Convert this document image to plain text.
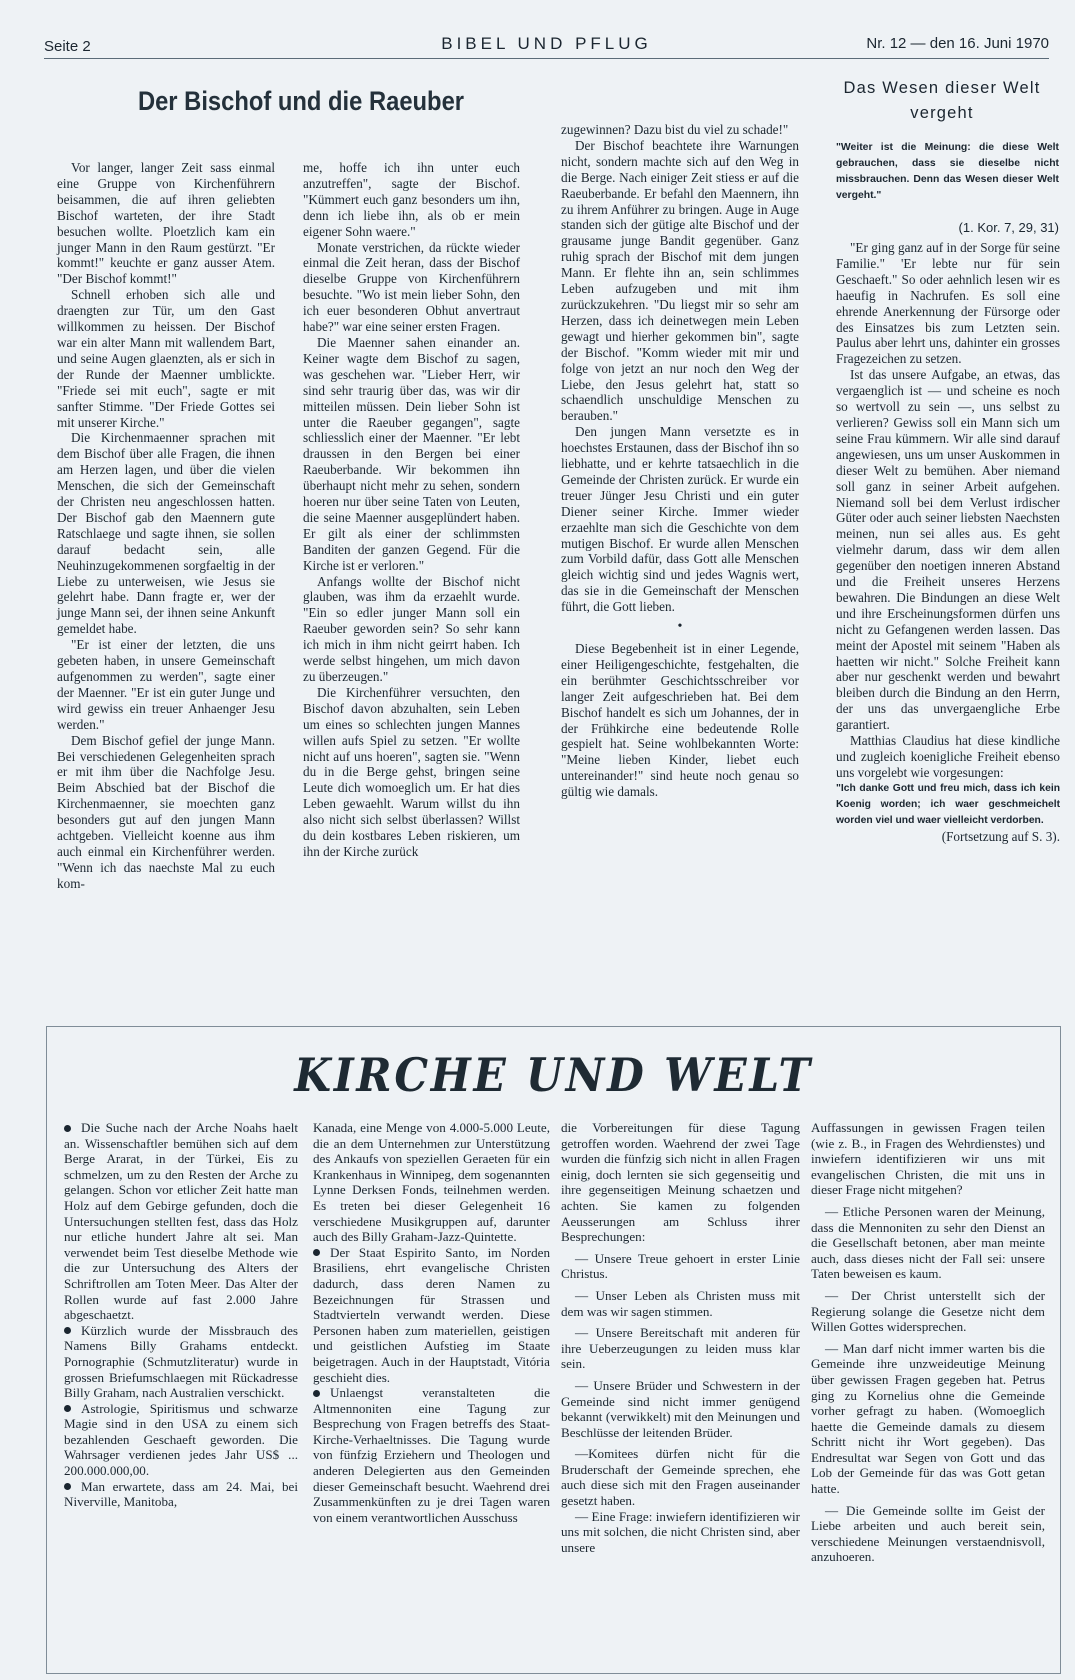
Seite 2	BIBEL UND PFLUG	Nr. 12 — den 16. Juni 1970
Der Bischof und die Raeuber

Vor langer, langer Zeit sass einmal eine Gruppe von Kirchenführern beisammen, die auf ihren geliebten Bischof warteten, der ihre Stadt besuchen wollte. Ploetzlich kam ein junger Mann in den Raum gestürzt. "Er kommt!" keuchte er ganz ausser Atem. "Der Bischof kommt!"

Schnell erhoben sich alle und draengten zur Tür, um den Gast willkommen zu heissen. Der Bischof war ein alter Mann mit wallendem Bart, und seine Augen glaenzten, als er sich in der Runde der Maenner umblickte. "Friede sei mit euch", sagte er mit sanfter Stimme. "Der Friede Gottes sei mit unserer Kirche."

Die Kirchenmaenner sprachen mit dem Bischof über alle Fragen, die ihnen am Herzen lagen, und über die vielen Menschen, die sich der Gemeinschaft der Christen neu angeschlossen hatten. Der Bischof gab den Maennern gute Ratschlaege und sagte ihnen, sie sollen darauf bedacht sein, alle Neuhinzugekommenen sorgfaeltig in der Liebe zu unterweisen, wie Jesus sie gelehrt habe. Dann fragte er, wer der junge Mann sei, der ihnen seine Ankunft gemeldet habe.

"Er ist einer der letzten, die uns gebeten haben, in unsere Gemeinschaft aufgenommen zu werden", sagte einer der Maenner. "Er ist ein guter Junge und wird gewiss ein treuer Anhaenger Jesu werden."

Dem Bischof gefiel der junge Mann. Bei verschiedenen Gelegenheiten sprach er mit ihm über die Nachfolge Jesu. Beim Abschied bat der Bischof die Kirchenmaenner, sie moechten ganz besonders gut auf den jungen Mann achtgeben. Vielleicht koenne aus ihm auch einmal ein Kirchenführer werden. "Wenn ich das naechste Mal zu euch kom-

me, hoffe ich ihn unter euch anzutreffen", sagte der Bischof. "Kümmert euch ganz besonders um ihn, denn ich liebe ihn, als ob er mein eigener Sohn waere."

Monate verstrichen, da rückte wieder einmal die Zeit heran, dass der Bischof dieselbe Gruppe von Kirchenführern besuchte. "Wo ist mein lieber Sohn, den ich euer besonderen Obhut anvertraut habe?" war eine seiner ersten Fragen.

Die Maenner sahen einander an. Keiner wagte dem Bischof zu sagen, was geschehen war. "Lieber Herr, wir sind sehr traurig über das, was wir dir mitteilen müssen. Dein lieber Sohn ist unter die Raeuber gegangen", sagte schliesslich einer der Maenner. "Er lebt draussen in den Bergen bei einer Raeuberbande. Wir bekommen ihn überhaupt nicht mehr zu sehen, sondern hoeren nur über seine Taten von Leuten, die seine Maenner ausgeplündert haben. Er gilt als einer der schlimmsten Banditen der ganzen Gegend. Für die Kirche ist er verloren."

Anfangs wollte der Bischof nicht glauben, was ihm da erzaehlt wurde. "Ein so edler junger Mann soll ein Raeuber geworden sein? So sehr kann ich mich in ihm nicht geirrt haben. Ich werde selbst hingehen, um mich davon zu überzeugen."

Die Kirchenführer versuchten, den Bischof davon abzuhalten, sein Leben um eines so schlechten jungen Mannes willen aufs Spiel zu setzen. "Er wollte nicht auf uns hoeren", sagten sie. "Wenn du in die Berge gehst, bringen seine Leute dich womoeglich um. Er hat dies Leben gewaehlt. Warum willst du ihn also nicht sich selbst überlassen? Willst du dein kostbares Leben riskieren, um ihn der Kirche zurück

zugewinnen? Dazu bist du viel zu schade!"

Der Bischof beachtete ihre Warnungen nicht, sondern machte sich auf den Weg in die Berge. Nach einiger Zeit stiess er auf die Raeuberbande. Er befahl den Maennern, ihn zu ihrem Anführer zu bringen. Auge in Auge standen sich der gütige alte Bischof und der grausame junge Bandit gegenüber. Ganz ruhig sprach der Bischof mit dem jungen Mann. Er flehte ihn an, sein schlimmes Leben aufzugeben und mit ihm zurückzukehren. "Du liegst mir so sehr am Herzen, dass ich deinetwegen mein Leben gewagt und hierher gekommen bin", sagte der Bischof. "Komm wieder mit mir und folge von jetzt an nur noch den Weg der Liebe, den Jesus gelehrt hat, statt so schaendlich unschuldige Menschen zu berauben."

Den jungen Mann versetzte es in hoechstes Erstaunen, dass der Bischof ihn so liebhatte, und er kehrte tatsaechlich in die Gemeinde der Christen zurück. Er wurde ein treuer Jünger Jesu Christi und ein guter Diener seiner Kirche. Immer wieder erzaehlte man sich die Geschichte von dem mutigen Bischof. Er wurde allen Menschen zum Vorbild dafür, dass Gott alle Menschen gleich wichtig sind und jedes Wagnis wert, das sie in die Gemeinschaft der Menschen führt, die Gott lieben.

•

Diese Begebenheit ist in einer Legende, einer Heiligengeschichte, festgehalten, die ein berühmter Geschichtsschreiber vor langer Zeit aufgeschrieben hat. Bei dem Bischof handelt es sich um Johannes, der in der Frühkirche eine bedeutende Rolle gespielt hat. Seine wohlbekannten Worte: "Meine lieben Kinder, liebet euch untereinander!" sind heute noch genau so gültig wie damals.

Das Wesen dieser Welt vergeht
"Weiter ist die Meinung: die diese Welt gebrauchen, dass sie dieselbe nicht missbrauchen. Denn das Wesen dieser Welt vergeht."
(1. Kor. 7, 29, 31)

"Er ging ganz auf in der Sorge für seine Familie." 'Er lebte nur für sein Geschaeft." So oder aehnlich lesen wir es haeufig in Nachrufen. Es soll eine ehrende Anerkennung der Fürsorge oder des Einsatzes bis zum Letzten sein. Paulus aber lehrt uns, dahinter ein grosses Fragezeichen zu setzen.

Ist das unsere Aufgabe, an etwas, das vergaenglich ist — und scheine es noch so wertvoll zu sein —, uns selbst zu verlieren? Gewiss soll ein Mann sich um seine Frau kümmern. Wir alle sind darauf angewiesen, uns um unser Auskommen in dieser Welt zu bemühen. Aber niemand soll ganz in seiner Arbeit aufgehen. Niemand soll bei dem Verlust irdischer Güter oder auch seiner liebsten Naechsten meinen, nun sei alles aus. Es geht vielmehr darum, dass wir dem allen gegenüber den noetigen inneren Abstand und die Freiheit unseres Herzens bewahren. Die Bindungen an diese Welt und ihre Erscheinungsformen dürfen uns nicht zu Gefangenen werden lassen. Das meint der Apostel mit seinem "Haben als haetten wir nicht." Solche Freiheit kann aber nur geschenkt werden und bewahrt bleiben durch die Bindung an den Herrn, der uns das unvergaengliche Erbe garantiert.

Matthias Claudius hat diese kindliche und zugleich koenigliche Freiheit ebenso uns vorgelebt wie vorgesungen:

"Ich danke Gott und freu mich, dass ich kein Koenig worden; ich waer geschmeichelt worden viel und waer vielleicht verdorben.

(Fortsetzung auf S. 3).

KIRCHE UND WELT

Die Suche nach der Arche Noahs haelt an. Wissenschaftler bemühen sich auf dem Berge Ararat, in der Türkei, Eis zu schmelzen, um zu den Resten der Arche zu gelangen. Schon vor etlicher Zeit hatte man Holz auf dem Gebirge gefunden, doch die Untersuchungen stellten fest, dass das Holz nur etliche hundert Jahre alt sei. Man verwendet beim Test dieselbe Methode wie die zur Untersuchung des Alters der Schriftrollen am Toten Meer. Das Alter der Rollen wurde auf fast 2.000 Jahre abgeschaetzt.

Kürzlich wurde der Missbrauch des Namens Billy Grahams entdeckt. Pornographie (Schmutzliteratur) wurde in grossen Briefumschlaegen mit Rückadresse Billy Graham, nach Australien verschickt.

Astrologie, Spiritismus und schwarze Magie sind in den USA zu einem sich bezahlenden Geschaeft geworden. Die Wahrsager verdienen jedes Jahr US$ ... 200.000.000,00.

Man erwartete, dass am 24. Mai, bei Niverville, Manitoba,

Kanada, eine Menge von 4.000-5.000 Leute, die an dem Unternehmen zur Unterstützung des Ankaufs von speziellen Geraeten für ein Krankenhaus in Winnipeg, dem sogenannten Lynne Derksen Fonds, teilnehmen werden. Es treten bei dieser Gelegenheit 16 verschiedene Musikgruppen auf, darunter auch des Billy Graham-Jazz-Quintette.

Der Staat Espirito Santo, im Norden Brasiliens, ehrt evangelische Christen dadurch, dass deren Namen zu Bezeichnungen für Strassen und Stadtvierteln verwandt werden. Diese Personen haben zum materiellen, geistigen und geistlichen Aufstieg im Staate beigetragen. Auch in der Hauptstadt, Vitória geschieht dies.

Unlaengst veranstalteten die Altmennoniten eine Tagung zur Besprechung von Fragen betreffs des Staat-Kirche-Verhaeltnisses. Die Tagung wurde von fünfzig Erziehern und Theologen und anderen Delegierten aus den Gemeinden dieser Gemeinschaft besucht. Waehrend drei Zusammenkünften zu je drei Tagen waren von einem verantwortlichen Ausschuss

die Vorbereitungen für diese Tagung getroffen worden. Waehrend der zwei Tage wurden die fünfzig sich nicht in allen Fragen einig, doch lernten sie sich gegenseitig und ihre gegenseitigen Meinung schaetzen und achten. Sie kamen zu folgenden Aeusserungen am Schluss ihrer Besprechungen:

— Unsere Treue gehoert in erster Linie Christus.

— Unser Leben als Christen muss mit dem was wir sagen stimmen.

— Unsere Bereitschaft mit anderen für ihre Ueberzeugungen zu leiden muss klar sein.

— Unsere Brüder und Schwestern in der Gemeinde sind nicht immer genügend bekannt (verwikkelt) mit den Meinungen und Beschlüsse der leitenden Brüder.

—Komitees dürfen nicht für die Bruderschaft der Gemeinde sprechen, ehe auch diese sich mit den Fragen auseinander gesetzt haben.

— Eine Frage: inwiefern identifizieren wir uns mit solchen, die nicht Christen sind, aber unsere

Auffassungen in gewissen Fragen teilen (wie z. B., in Fragen des Wehrdienstes) und inwiefern identifizieren wir uns mit evangelischen Christen, die mit uns in dieser Frage nicht mitgehen?

— Etliche Personen waren der Meinung, dass die Mennoniten zu sehr den Dienst an die Gesellschaft betonen, aber man meinte auch, dass dieses nicht der Fall sei: unsere Taten beweisen es kaum.

— Der Christ unterstellt sich der Regierung solange die Gesetze nicht dem Willen Gottes widersprechen.

— Man darf nicht immer warten bis die Gemeinde ihre unzweideutige Meinung über gewissen Fragen gegeben hat. Petrus ging zu Kornelius ohne die Gemeinde vorher gefragt zu haben. (Womoeglich haette die Gemeinde damals zu diesem Schritt nicht ihr Wort gegeben). Das Endresultat war Segen von Gott und das Lob der Gemeinde für das was Gott getan hatte.

— Die Gemeinde sollte im Geist der Liebe arbeiten und auch bereit sein, verschiedene Meinungen verstaendnisvoll, anzuhoeren.
